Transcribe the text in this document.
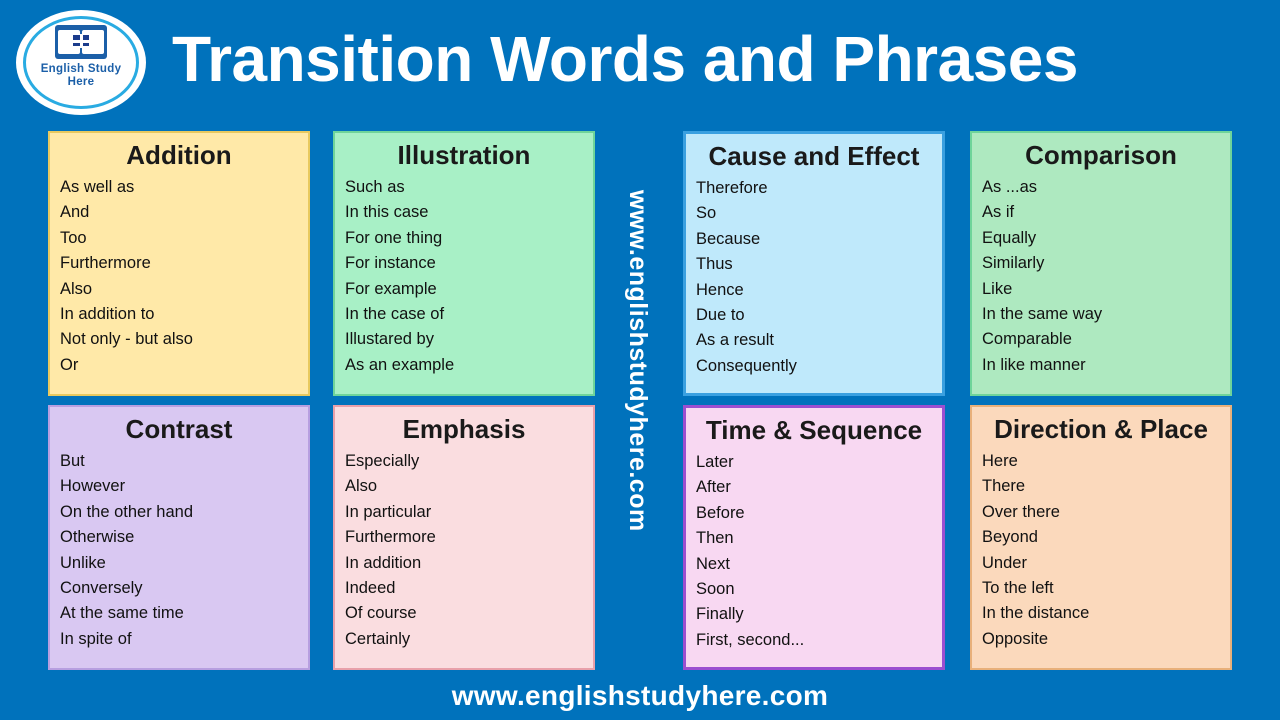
English Study
Here Transition Words and Phrases
Addition
As well as
And
Too
Furthermore
Also
In addition to
Not only - but also
Or
Illustration
Such as
In this case
For one thing
For instance
For example
In the case of
Illustared by
As an example
Cause and Effect
Therefore
So
Because
Thus
Hence
Due to
As a result
Consequently
Comparison
As ...as
As if
Equally
Similarly
Like
In the same way
Comparable
In like manner
Contrast
But
However
On the other hand
Otherwise
Unlike
Conversely
At the same time
In spite of
Emphasis
Especially
Also
In particular
Furthermore
In addition
Indeed
Of course
Certainly
Time & Sequence
Later
After
Before
Then
Next
Soon
Finally
First, second...
Direction & Place
Here
There
Over there
Beyond
Under
To the left
In the distance
Opposite
www.englishstudyhere.com
www.englishstudyhere.com
